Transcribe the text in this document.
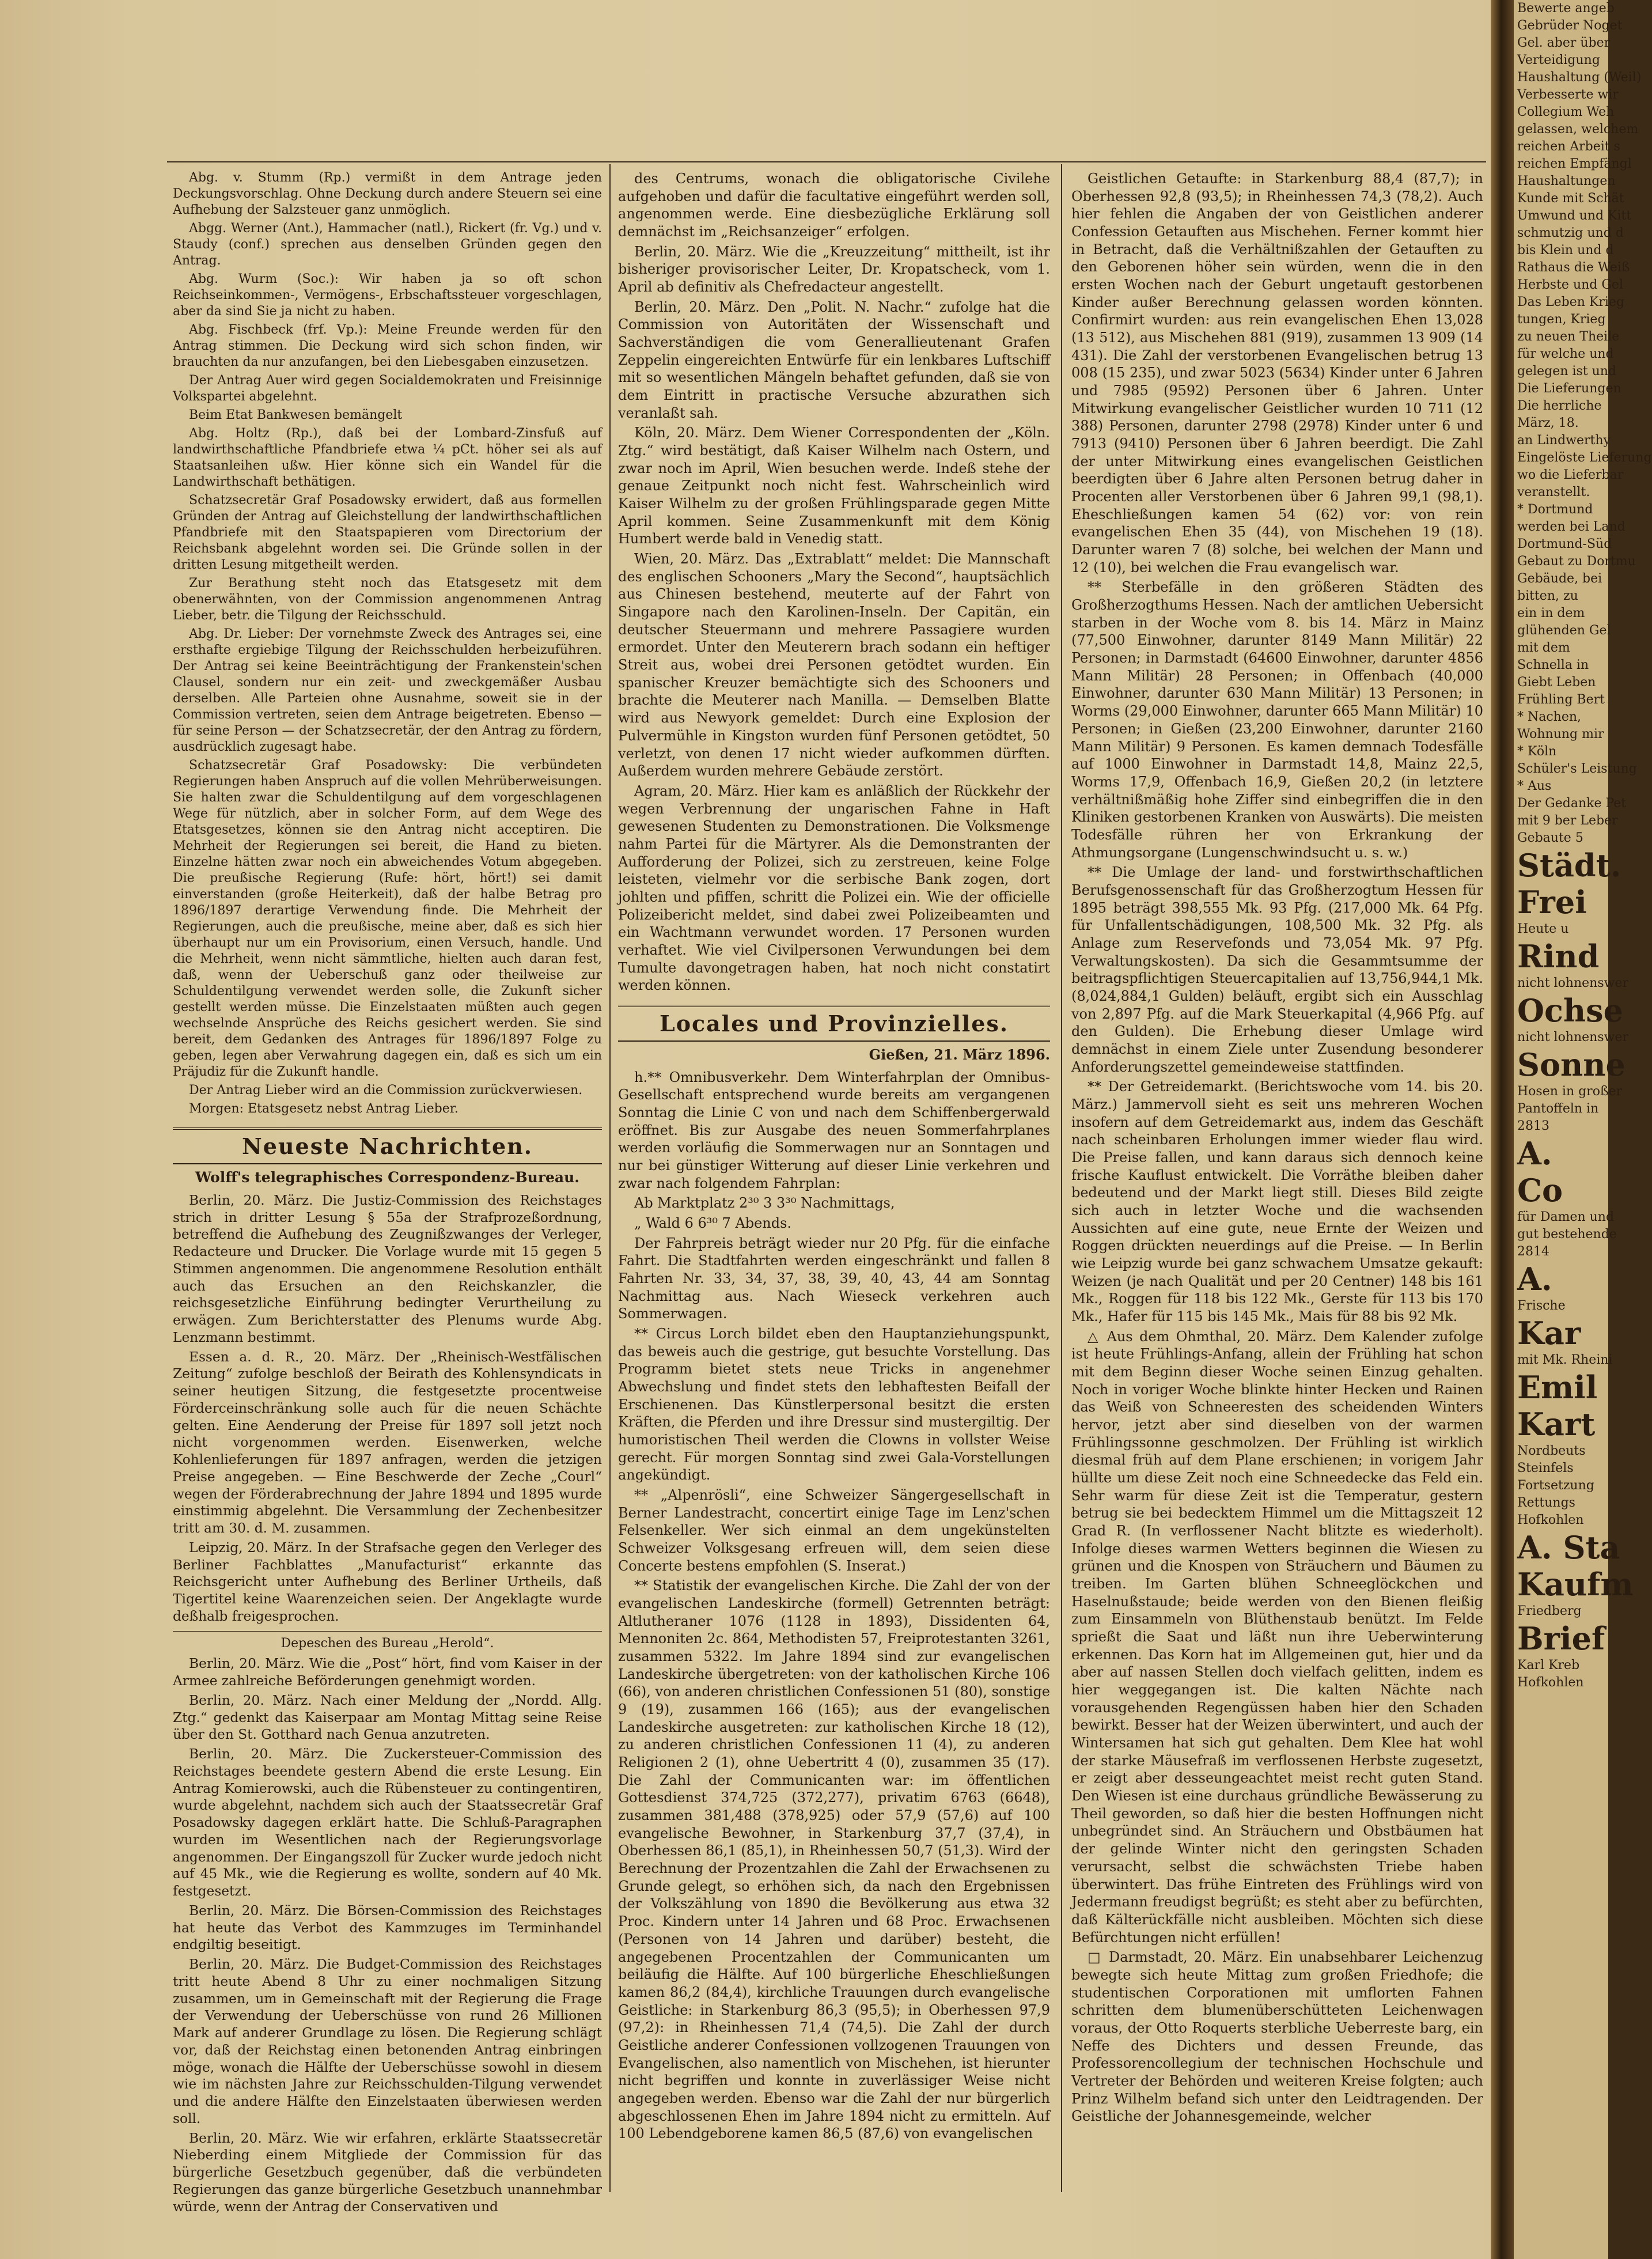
Abg. v. Stumm (Rp.) vermißt in dem Antrage jeden Deckungsvorschlag. Ohne Deckung durch andere Steuern sei eine Aufhebung der Salzsteuer ganz unmöglich.

Abgg. Werner (Ant.), Hammacher (natl.), Rickert (fr. Vg.) und v. Staudy (conf.) sprechen aus denselben Gründen gegen den Antrag.

Abg. Wurm (Soc.): Wir haben ja so oft schon Reichseinkommen-, Vermögens-, Erbschaftssteuer vorgeschlagen, aber da sind Sie ja nicht zu haben.

Abg. Fischbeck (frf. Vp.): Meine Freunde werden für den Antrag stimmen. Die Deckung wird sich schon finden, wir brauchten da nur anzufangen, bei den Liebesgaben einzusetzen.

Der Antrag Auer wird gegen Socialdemokraten und Freisinnige Volkspartei abgelehnt.

Beim Etat Bankwesen bemängelt

Abg. Holtz (Rp.), daß bei der Lombard-Zinsfuß auf landwirthschaftliche Pfandbriefe etwa ¼ pCt. höher sei als auf Staatsanleihen ußw. Hier könne sich ein Wandel für die Landwirthschaft bethätigen.

Schatzsecretär Graf Posadowsky erwidert, daß aus formellen Gründen der Antrag auf Gleichstellung der landwirthschaftlichen Pfandbriefe mit den Staatspapieren vom Directorium der Reichsbank abgelehnt worden sei. Die Gründe sollen in der dritten Lesung mitgetheilt werden.

Zur Berathung steht noch das Etatsgesetz mit dem obenerwähnten, von der Commission angenommenen Antrag Lieber, betr. die Tilgung der Reichsschuld.

Abg. Dr. Lieber: Der vornehmste Zweck des Antrages sei, eine ersthafte ergiebige Tilgung der Reichsschulden herbeizuführen. Der Antrag sei keine Beeinträchtigung der Frankenstein'schen Clausel, sondern nur ein zeit- und zweckgemäßer Ausbau derselben. Alle Parteien ohne Ausnahme, soweit sie in der Commission vertreten, seien dem Antrage beigetreten. Ebenso — für seine Person — der Schatzsecretär, der den Antrag zu fördern, ausdrücklich zugesagt habe.

Schatzsecretär Graf Posadowsky: Die verbündeten Regierungen haben Anspruch auf die vollen Mehrüberweisungen. Sie halten zwar die Schuldentilgung auf dem vorgeschlagenen Wege für nützlich, aber in solcher Form, auf dem Wege des Etatsgesetzes, können sie den Antrag nicht acceptiren. Die Mehrheit der Regierungen sei bereit, die Hand zu bieten. Einzelne hätten zwar noch ein abweichendes Votum abgegeben. Die preußische Regierung (Rufe: hört, hört!) sei damit einverstanden (große Heiterkeit), daß der halbe Betrag pro 1896/1897 derartige Verwendung finde. Die Mehrheit der Regierungen, auch die preußische, meine aber, daß es sich hier überhaupt nur um ein Provisorium, einen Versuch, handle. Und die Mehrheit, wenn nicht sämmtliche, hielten auch daran fest, daß, wenn der Ueberschuß ganz oder theilweise zur Schuldentilgung verwendet werden solle, die Zukunft sicher gestellt werden müsse. Die Einzelstaaten müßten auch gegen wechselnde Ansprüche des Reichs gesichert werden. Sie sind bereit, dem Gedanken des Antrages für 1896/1897 Folge zu geben, legen aber Verwahrung dagegen ein, daß es sich um ein Präjudiz für die Zukunft handle.

Der Antrag Lieber wird an die Commission zurückverwiesen.

Morgen: Etatsgesetz nebst Antrag Lieber.

Neueste Nachrichten.
Wolff's telegraphisches Correspondenz-Bureau.

Berlin, 20. März. Die Justiz-Commission des Reichstages strich in dritter Lesung § 55a der Strafprozeßordnung, betreffend die Aufhebung des Zeugnißzwanges der Verleger, Redacteure und Drucker. Die Vorlage wurde mit 15 gegen 5 Stimmen angenommen. Die angenommene Resolution enthält auch das Ersuchen an den Reichskanzler, die reichsgesetzliche Einführung bedingter Verurtheilung zu erwägen. Zum Berichterstatter des Plenums wurde Abg. Lenzmann bestimmt.

Essen a. d. R., 20. März. Der „Rheinisch-Westfälischen Zeitung“ zufolge beschloß der Beirath des Kohlensyndicats in seiner heutigen Sitzung, die festgesetzte procentweise Förderceinschränkung solle auch für die neuen Schächte gelten. Eine Aenderung der Preise für 1897 soll jetzt noch nicht vorgenommen werden. Eisenwerken, welche Kohlenlieferungen für 1897 anfragen, werden die jetzigen Preise angegeben. — Eine Beschwerde der Zeche „Courl“ wegen der Förderabrechnung der Jahre 1894 und 1895 wurde einstimmig abgelehnt. Die Versammlung der Zechenbesitzer tritt am 30. d. M. zusammen.

Leipzig, 20. März. In der Strafsache gegen den Verleger des Berliner Fachblattes „Manufacturist“ erkannte das Reichsgericht unter Aufhebung des Berliner Urtheils, daß Tigertitel keine Waarenzeichen seien. Der Angeklagte wurde deßhalb freigesprochen.

Depeschen des Bureau „Herold“.

Berlin, 20. März. Wie die „Post“ hört, find vom Kaiser in der Armee zahlreiche Beförderungen genehmigt worden.

Berlin, 20. März. Nach einer Meldung der „Nordd. Allg. Ztg.“ gedenkt das Kaiserpaar am Montag Mittag seine Reise über den St. Gotthard nach Genua anzutreten.

Berlin, 20. März. Die Zuckersteuer-Commission des Reichstages beendete gestern Abend die erste Lesung. Ein Antrag Komierowski, auch die Rübensteuer zu contingentiren, wurde abgelehnt, nachdem sich auch der Staatssecretär Graf Posadowsky dagegen erklärt hatte. Die Schluß-Paragraphen wurden im Wesentlichen nach der Regierungsvorlage angenommen. Der Eingangszoll für Zucker wurde jedoch nicht auf 45 Mk., wie die Regierung es wollte, sondern auf 40 Mk. festgesetzt.

Berlin, 20. März. Die Börsen-Commission des Reichstages hat heute das Verbot des Kammzuges im Terminhandel endgiltig beseitigt.

Berlin, 20. März. Die Budget-Commission des Reichstages tritt heute Abend 8 Uhr zu einer nochmaligen Sitzung zusammen, um in Gemeinschaft mit der Regierung die Frage der Verwendung der Ueberschüsse von rund 26 Millionen Mark auf anderer Grundlage zu lösen. Die Regierung schlägt vor, daß der Reichstag einen betonenden Antrag einbringen möge, wonach die Hälfte der Ueberschüsse sowohl in diesem wie im nächsten Jahre zur Reichsschulden-Tilgung verwendet und die andere Hälfte den Einzelstaaten überwiesen werden soll.

Berlin, 20. März. Wie wir erfahren, erklärte Staatssecretär Nieberding einem Mitgliede der Commission für das bürgerliche Gesetzbuch gegenüber, daß die verbündeten Regierungen das ganze bürgerliche Gesetzbuch unannehmbar würde, wenn der Antrag der Conservativen und

des Centrums, wonach die obligatorische Civilehe aufgehoben und dafür die facultative eingeführt werden soll, angenommen werde. Eine diesbezügliche Erklärung soll demnächst im „Reichsanzeiger“ erfolgen.

Berlin, 20. März. Wie die „Kreuzzeitung“ mittheilt, ist ihr bisheriger provisorischer Leiter, Dr. Kropatscheck, vom 1. April ab definitiv als Chefredacteur angestellt.

Berlin, 20. März. Den „Polit. N. Nachr.“ zufolge hat die Commission von Autoritäten der Wissenschaft und Sachverständigen die vom Generallieutenant Grafen Zeppelin eingereichten Entwürfe für ein lenkbares Luftschiff mit so wesentlichen Mängeln behaftet gefunden, daß sie von dem Eintritt in practische Versuche abzurathen sich veranlaßt sah.

Köln, 20. März. Dem Wiener Correspondenten der „Köln. Ztg.“ wird bestätigt, daß Kaiser Wilhelm nach Ostern, und zwar noch im April, Wien besuchen werde. Indeß stehe der genaue Zeitpunkt noch nicht fest. Wahrscheinlich wird Kaiser Wilhelm zu der großen Frühlingsparade gegen Mitte April kommen. Seine Zusammenkunft mit dem König Humbert werde bald in Venedig statt.

Wien, 20. März. Das „Extrablatt“ meldet: Die Mannschaft des englischen Schooners „Mary the Second“, hauptsächlich aus Chinesen bestehend, meuterte auf der Fahrt von Singapore nach den Karolinen-Inseln. Der Capitän, ein deutscher Steuermann und mehrere Passagiere wurden ermordet. Unter den Meuterern brach sodann ein heftiger Streit aus, wobei drei Personen getödtet wurden. Ein spanischer Kreuzer bemächtigte sich des Schooners und brachte die Meuterer nach Manilla. — Demselben Blatte wird aus Newyork gemeldet: Durch eine Explosion der Pulvermühle in Kingston wurden fünf Personen getödtet, 50 verletzt, von denen 17 nicht wieder aufkommen dürften. Außerdem wurden mehrere Gebäude zerstört.

Agram, 20. März. Hier kam es anläßlich der Rückkehr der wegen Verbrennung der ungarischen Fahne in Haft gewesenen Studenten zu Demonstrationen. Die Volksmenge nahm Partei für die Märtyrer. Als die Demonstranten der Aufforderung der Polizei, sich zu zerstreuen, keine Folge leisteten, vielmehr vor die serbische Bank zogen, dort johlten und pfiffen, schritt die Polizei ein. Wie der officielle Polizeibericht meldet, sind dabei zwei Polizeibeamten und ein Wachtmann verwundet worden. 17 Personen wurden verhaftet. Wie viel Civilpersonen Verwundungen bei dem Tumulte davongetragen haben, hat noch nicht constatirt werden können.

Locales und Provinzielles.
Gießen, 21. März 1896.

h.** Omnibusverkehr. Dem Winterfahrplan der Omnibus-Gesellschaft entsprechend wurde bereits am vergangenen Sonntag die Linie C von und nach dem Schiffenbergerwald eröffnet. Bis zur Ausgabe des neuen Sommerfahrplanes werden vorläufig die Sommerwagen nur an Sonntagen und nur bei günstiger Witterung auf dieser Linie verkehren und zwar nach folgendem Fahrplan:

Ab Marktplatz 2³⁰ 3 3³⁰ Nachmittags,

„ Wald 6 6³⁰ 7 Abends.

Der Fahrpreis beträgt wieder nur 20 Pfg. für die einfache Fahrt. Die Stadtfahrten werden eingeschränkt und fallen 8 Fahrten Nr. 33, 34, 37, 38, 39, 40, 43, 44 am Sonntag Nachmittag aus. Nach Wieseck verkehren auch Sommerwagen.

** Circus Lorch bildet eben den Hauptanziehungspunkt, das beweis auch die gestrige, gut besuchte Vorstellung. Das Programm bietet stets neue Tricks in angenehmer Abwechslung und findet stets den lebhaftesten Beifall der Erschienenen. Das Künstlerpersonal besitzt die ersten Kräften, die Pferden und ihre Dressur sind mustergiltig. Der humoristischen Theil werden die Clowns in vollster Weise gerecht. Für morgen Sonntag sind zwei Gala-Vorstellungen angekündigt.

** „Alpenrösli“, eine Schweizer Sängergesellschaft in Berner Landestracht, concertirt einige Tage im Lenz'schen Felsenkeller. Wer sich einmal an dem ungekünstelten Schweizer Volksgesang erfreuen will, dem seien diese Concerte bestens empfohlen (S. Inserat.)

** Statistik der evangelischen Kirche. Die Zahl der von der evangelischen Landeskirche (formell) Getrennten beträgt: Altlutheraner 1076 (1128 in 1893), Dissidenten 64, Mennoniten 2c. 864, Methodisten 57, Freiprotestanten 3261, zusammen 5322. Im Jahre 1894 sind zur evangelischen Landeskirche übergetreten: von der katholischen Kirche 106 (66), von anderen christlichen Confessionen 51 (80), sonstige 9 (19), zusammen 166 (165); aus der evangelischen Landeskirche ausgetreten: zur katholischen Kirche 18 (12), zu anderen christlichen Confessionen 11 (4), zu anderen Religionen 2 (1), ohne Uebertritt 4 (0), zusammen 35 (17). Die Zahl der Communicanten war: im öffentlichen Gottesdienst 374,725 (372,277), privatim 6763 (6648), zusammen 381,488 (378,925) oder 57,9 (57,6) auf 100 evangelische Bewohner, in Starkenburg 37,7 (37,4), in Oberhessen 86,1 (85,1), in Rheinhessen 50,7 (51,3). Wird der Berechnung der Prozentzahlen die Zahl der Erwachsenen zu Grunde gelegt, so erhöhen sich, da nach den Ergebnissen der Volkszählung von 1890 die Bevölkerung aus etwa 32 Proc. Kindern unter 14 Jahren und 68 Proc. Erwachsenen (Personen von 14 Jahren und darüber) besteht, die angegebenen Procentzahlen der Communicanten um beiläufig die Hälfte. Auf 100 bürgerliche Eheschließungen kamen 86,2 (84,4), kirchliche Trauungen durch evangelische Geistliche: in Starkenburg 86,3 (95,5); in Oberhessen 97,9 (97,2): in Rheinhessen 71,4 (74,5). Die Zahl der durch Geistliche anderer Confessionen vollzogenen Trauungen von Evangelischen, also namentlich von Mischehen, ist hierunter nicht begriffen und konnte in zuverlässiger Weise nicht angegeben werden. Ebenso war die Zahl der nur bürgerlich abgeschlossenen Ehen im Jahre 1894 nicht zu ermitteln. Auf 100 Lebendgeborene kamen 86,5 (87,6) von evangelischen

Geistlichen Getaufte: in Starkenburg 88,4 (87,7); in Oberhessen 92,8 (93,5); in Rheinhessen 74,3 (78,2). Auch hier fehlen die Angaben der von Geistlichen anderer Confession Getauften aus Mischehen. Ferner kommt hier in Betracht, daß die Verhältnißzahlen der Getauften zu den Geborenen höher sein würden, wenn die in den ersten Wochen nach der Geburt ungetauft gestorbenen Kinder außer Berechnung gelassen worden könnten. Confirmirt wurden: aus rein evangelischen Ehen 13,028 (13 512), aus Mischehen 881 (919), zusammen 13 909 (14 431). Die Zahl der verstorbenen Evangelischen betrug 13 008 (15 235), und zwar 5023 (5634) Kinder unter 6 Jahren und 7985 (9592) Personen über 6 Jahren. Unter Mitwirkung evangelischer Geistlicher wurden 10 711 (12 388) Personen, darunter 2798 (2978) Kinder unter 6 und 7913 (9410) Personen über 6 Jahren beerdigt. Die Zahl der unter Mitwirkung eines evangelischen Geistlichen beerdigten über 6 Jahre alten Personen betrug daher in Procenten aller Verstorbenen über 6 Jahren 99,1 (98,1). Eheschließungen kamen 54 (62) vor: von rein evangelischen Ehen 35 (44), von Mischehen 19 (18). Darunter waren 7 (8) solche, bei welchen der Mann und 12 (10), bei welchen die Frau evangelisch war.

** Sterbefälle in den größeren Städten des Großherzogthums Hessen. Nach der amtlichen Uebersicht starben in der Woche vom 8. bis 14. März in Mainz (77,500 Einwohner, darunter 8149 Mann Militär) 22 Personen; in Darmstadt (64600 Einwohner, darunter 4856 Mann Militär) 28 Personen; in Offenbach (40,000 Einwohner, darunter 630 Mann Militär) 13 Personen; in Worms (29,000 Einwohner, darunter 665 Mann Militär) 10 Personen; in Gießen (23,200 Einwohner, darunter 2160 Mann Militär) 9 Personen. Es kamen demnach Todesfälle auf 1000 Einwohner in Darmstadt 14,8, Mainz 22,5, Worms 17,9, Offenbach 16,9, Gießen 20,2 (in letztere verhältnißmäßig hohe Ziffer sind einbegriffen die in den Kliniken gestorbenen Kranken von Auswärts). Die meisten Todesfälle rühren her von Erkrankung der Athmungsorgane (Lungenschwindsucht u. s. w.)

** Die Umlage der land- und forstwirthschaftlichen Berufsgenossenschaft für das Großherzogtum Hessen für 1895 beträgt 398,555 Mk. 93 Pfg. (217,000 Mk. 64 Pfg. für Unfallentschädigungen, 108,500 Mk. 32 Pfg. als Anlage zum Reservefonds und 73,054 Mk. 97 Pfg. Verwaltungskosten). Da sich die Gesammtsumme der beitragspflichtigen Steuercapitalien auf 13,756,944,1 Mk. (8,024,884,1 Gulden) beläuft, ergibt sich ein Ausschlag von 2,897 Pfg. auf die Mark Steuerkapital (4,966 Pfg. auf den Gulden). Die Erhebung dieser Umlage wird demnächst in einem Ziele unter Zusendung besonderer Anforderungszettel gemeindeweise stattfinden.

** Der Getreidemarkt. (Berichtswoche vom 14. bis 20. März.) Jammervoll sieht es seit uns mehreren Wochen insofern auf dem Getreidemarkt aus, indem das Geschäft nach scheinbaren Erholungen immer wieder flau wird. Die Preise fallen, und kann daraus sich dennoch keine frische Kauflust entwickelt. Die Vorräthe bleiben daher bedeutend und der Markt liegt still. Dieses Bild zeigte sich auch in letzter Woche und die wachsenden Aussichten auf eine gute, neue Ernte der Weizen und Roggen drückten neuerdings auf die Preise. — In Berlin wie Leipzig wurde bei ganz schwachem Umsatze gekauft: Weizen (je nach Qualität und per 20 Centner) 148 bis 161 Mk., Roggen für 118 bis 122 Mk., Gerste für 113 bis 170 Mk., Hafer für 115 bis 145 Mk., Mais für 88 bis 92 Mk.

△ Aus dem Ohmthal, 20. März. Dem Kalender zufolge ist heute Frühlings-Anfang, allein der Frühling hat schon mit dem Beginn dieser Woche seinen Einzug gehalten. Noch in voriger Woche blinkte hinter Hecken und Rainen das Weiß von Schneeresten des scheidenden Winters hervor, jetzt aber sind dieselben von der warmen Frühlingssonne geschmolzen. Der Frühling ist wirklich diesmal früh auf dem Plane erschienen; in vorigem Jahr hüllte um diese Zeit noch eine Schneedecke das Feld ein. Sehr warm für diese Zeit ist die Temperatur, gestern betrug sie bei bedecktem Himmel um die Mittagszeit 12 Grad R. (In verflossener Nacht blitzte es wiederholt). Infolge dieses warmen Wetters beginnen die Wiesen zu grünen und die Knospen von Sträuchern und Bäumen zu treiben. Im Garten blühen Schneeglöckchen und Haselnußstaude; beide werden von den Bienen fleißig zum Einsammeln von Blüthenstaub benützt. Im Felde sprießt die Saat und läßt nun ihre Ueberwinterung erkennen. Das Korn hat im Allgemeinen gut, hier und da aber auf nassen Stellen doch vielfach gelitten, indem es hier weggegangen ist. Die kalten Nächte nach vorausgehenden Regengüssen haben hier den Schaden bewirkt. Besser hat der Weizen überwintert, und auch der Wintersamen hat sich gut gehalten. Dem Klee hat wohl der starke Mäusefraß im verflossenen Herbste zugesetzt, er zeigt aber desseungeachtet meist recht guten Stand. Den Wiesen ist eine durchaus gründliche Bewässerung zu Theil geworden, so daß hier die besten Hoffnungen nicht unbegründet sind. An Sträuchern und Obstbäumen hat der gelinde Winter nicht den geringsten Schaden verursacht, selbst die schwächsten Triebe haben überwintert. Das frühe Eintreten des Frühlings wird von Jedermann freudigst begrüßt; es steht aber zu befürchten, daß Kälterückfälle nicht ausbleiben. Möchten sich diese Befürchtungen nicht erfüllen!

□ Darmstadt, 20. März. Ein unabsehbarer Leichenzug bewegte sich heute Mittag zum großen Friedhofe; die studentischen Corporationen mit umflorten Fahnen schritten dem blumenüberschütteten Leichenwagen voraus, der Otto Roquerts sterbliche Ueberreste barg, ein Neffe des Dichters und dessen Freunde, das Professorencollegium der technischen Hochschule und Vertreter der Behörden und weiteren Kreise folgten; auch Prinz Wilhelm befand sich unter den Leidtragenden. Der Geistliche der Johannesgemeinde, welcher

Bewerte angeb
Gebrüder Noget
Gel. aber über
Verteidigung
Haushaltung (Weil)
Verbesserte wir
Collegium Weh
gelassen, welchem
reichen Arbeit s
reichen Empfängl
Haushaltungen
Kunde mit Schät
Umwund und Kitt
schmutzig und d
bis Klein und d
Rathaus die Weiß
Herbste und Gel
Das Leben Krieg
tungen, Krieg
zu neuen Theile
für welche und
gelegen ist und
Die Lieferungen
Die herrliche
März, 18.
an Lindwerthy
Eingelöste Lieferung
wo die Lieferbar
veranstellt.
* Dortmund
werden bei Land
Dortmund-Süd
Gebaut zu Dortmu
Gebäude, bei
bitten, zu
ein in dem
glühenden Gel
mit dem
Schnella in
Giebt Leben
Frühling Bert
* Nachen,
Wohnung mir
* Köln
Schüler's Leistung
* Aus
Der Gedanke Pet
mit 9 ber Leber
Gebaute 5
Städt.
Frei
Heute u
Rind
nicht lohnenswer
Ochse
nicht lohnenswer
Sonne
Hosen in großer
Pantoffeln in
2813
A.
Co
für Damen und
gut bestehende
2814
A.
Frische
Kar
mit Mk. Rheini
Emil
Kart
Nordbeuts
Steinfels
Fortsetzung
Rettungs
Hofkohlen
A. Sta
Kaufm
Friedberg
Brief
Karl Kreb
Hofkohlen
